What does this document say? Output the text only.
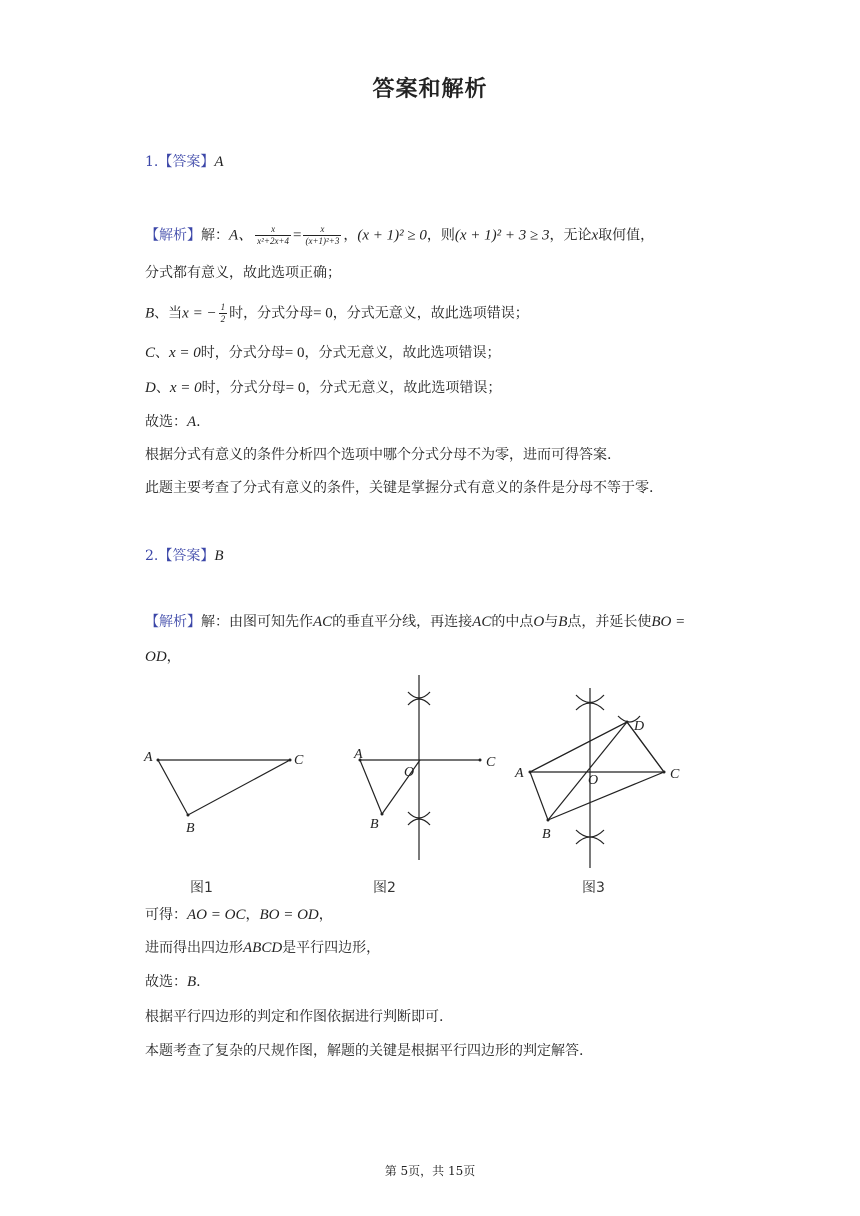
答案和解析
1.【答案】A
【解析】解：A、 $\frac{x}{\text{x²+2x+4}} = \frac{x}{\text{(x+1)²+3}}$ ，(x + 1)² ≥ 0，则(x + 1)² + 3 ≥ 3，无论x取何值，
分式都有意义，故此选项正确；
B、当x = − $\frac{1}{2}$ 时，分式分母= 0，分式无意义，故此选项错误；
C、x = 0时，分式分母= 0，分式无意义，故此选项错误；
D、x = 0时，分式分母= 0，分式无意义，故此选项错误；
故选：A.
根据分式有意义的条件分析四个选项中哪个分式分母不为零，进而可得答案.
此题主要考查了分式有意义的条件，关键是掌握分式有意义的条件是分母不等于零.
2.【答案】B
【解析】解：由图可知先作AC的垂直平分线，再连接AC的中点O与B点，并延长使BO =
OD，
A	C
B
A
C
B
O	A	C
B
O
D
图1	图2	图3
可得：AO = OC，BO = OD，
进而得出四边形ABCD是平行四边形，
故选：B.
根据平行四边形的判定和作图依据进行判断即可.
本题考查了复杂的尺规作图，解题的关键是根据平行四边形的判定解答.
第 5页，共 15页
